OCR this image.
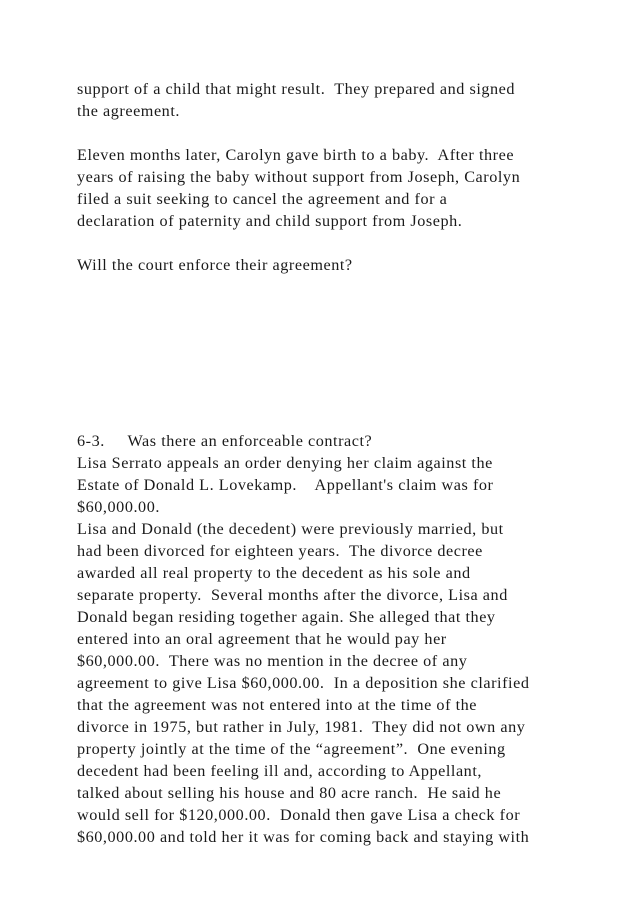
support of a child that might result.  They prepared and signed

the agreement.

Eleven months later, Carolyn gave birth to a baby.  After three

years of raising the baby without support from Joseph, Carolyn

filed a suit seeking to cancel the agreement and for a

declaration of paternity and child support from Joseph.

Will the court enforce their agreement?

6-3.     Was there an enforceable contract?

Lisa Serrato appeals an order denying her claim against the

Estate of Donald L. Lovekamp.    Appellant's claim was for

$60,000.00.

Lisa and Donald (the decedent) were previously married, but

had been divorced for eighteen years.  The divorce decree

awarded all real property to the decedent as his sole and

separate property.  Several months after the divorce, Lisa and

Donald began residing together again. She alleged that they

entered into an oral agreement that he would pay her

$60,000.00.  There was no mention in the decree of any

agreement to give Lisa $60,000.00.  In a deposition she clarified

that the agreement was not entered into at the time of the

divorce in 1975, but rather in July, 1981.  They did not own any

property jointly at the time of the “agreement”.  One evening

decedent had been feeling ill and, according to Appellant,

talked about selling his house and 80 acre ranch.  He said he

would sell for $120,000.00.  Donald then gave Lisa a check for

$60,000.00 and told her it was for coming back and staying with
